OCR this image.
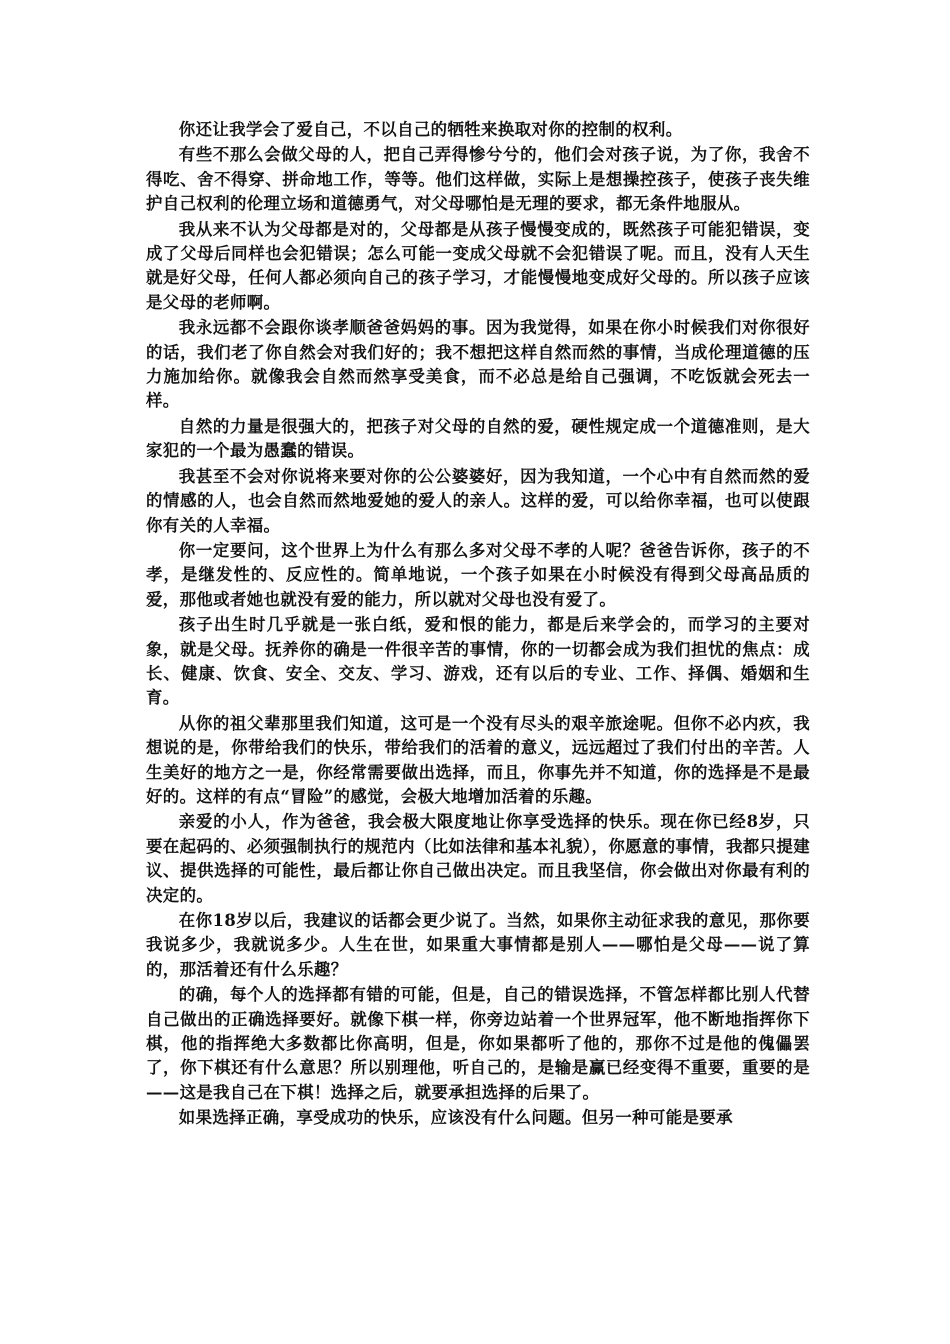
你还让我学会了爱自己，不以自己的牺牲来换取对你的控制的权利。

有些不那么会做父母的人，把自己弄得惨兮兮的，他们会对孩子说，为了你，我舍不得吃、舍不得穿、拼命地工作，等等。他们这样做，实际上是想操控孩子，使孩子丧失维护自己权利的伦理立场和道德勇气，对父母哪怕是无理的要求，都无条件地服从。

我从来不认为父母都是对的，父母都是从孩子慢慢变成的，既然孩子可能犯错误，变成了父母后同样也会犯错误；怎么可能一变成父母就不会犯错误了呢。而且，没有人天生就是好父母，任何人都必须向自己的孩子学习，才能慢慢地变成好父母的。所以孩子应该是父母的老师啊。

我永远都不会跟你谈孝顺爸爸妈妈的事。因为我觉得，如果在你小时候我们对你很好的话，我们老了你自然会对我们好的；我不想把这样自然而然的事情，当成伦理道德的压力施加给你。就像我会自然而然享受美食，而不必总是给自己强调，不吃饭就会死去一样。

自然的力量是很强大的，把孩子对父母的自然的爱，硬性规定成一个道德准则，是大家犯的一个最为愚蠢的错误。

我甚至不会对你说将来要对你的公公婆婆好，因为我知道，一个心中有自然而然的爱的情感的人，也会自然而然地爱她的爱人的亲人。这样的爱，可以给你幸福，也可以使跟你有关的人幸福。

你一定要问，这个世界上为什么有那么多对父母不孝的人呢？爸爸告诉你，孩子的不孝，是继发性的、反应性的。简单地说，一个孩子如果在小时候没有得到父母高品质的爱，那他或者她也就没有爱的能力，所以就对父母也没有爱了。

孩子出生时几乎就是一张白纸，爱和恨的能力，都是后来学会的，而学习的主要对象，就是父母。抚养你的确是一件很辛苦的事情，你的一切都会成为我们担忧的焦点：成长、健康、饮食、安全、交友、学习、游戏，还有以后的专业、工作、择偶、婚姻和生育。

从你的祖父辈那里我们知道，这可是一个没有尽头的艰辛旅途呢。但你不必内疚，我想说的是，你带给我们的快乐，带给我们的活着的意义，远远超过了我们付出的辛苦。人生美好的地方之一是，你经常需要做出选择，而且，你事先并不知道，你的选择是不是最好的。这样的有点“冒险”的感觉，会极大地增加活着的乐趣。

亲爱的小人，作为爸爸，我会极大限度地让你享受选择的快乐。现在你已经8岁，只要在起码的、必须强制执行的规范内（比如法律和基本礼貌），你愿意的事情，我都只提建议、提供选择的可能性，最后都让你自己做出决定。而且我坚信，你会做出对你最有利的决定的。

在你18岁以后，我建议的话都会更少说了。当然，如果你主动征求我的意见，那你要我说多少，我就说多少。人生在世，如果重大事情都是别人——哪怕是父母——说了算的，那活着还有什么乐趣？

的确，每个人的选择都有错的可能，但是，自己的错误选择，不管怎样都比别人代替自己做出的正确选择要好。就像下棋一样，你旁边站着一个世界冠军，他不断地指挥你下棋，他的指挥绝大多数都比你高明，但是，你如果都听了他的，那你不过是他的傀儡罢了，你下棋还有什么意思？所以别理他，听自己的，是输是赢已经变得不重要，重要的是——这是我自己在下棋！选择之后，就要承担选择的后果了。

如果选择正确，享受成功的快乐，应该没有什么问题。但另一种可能是要承
